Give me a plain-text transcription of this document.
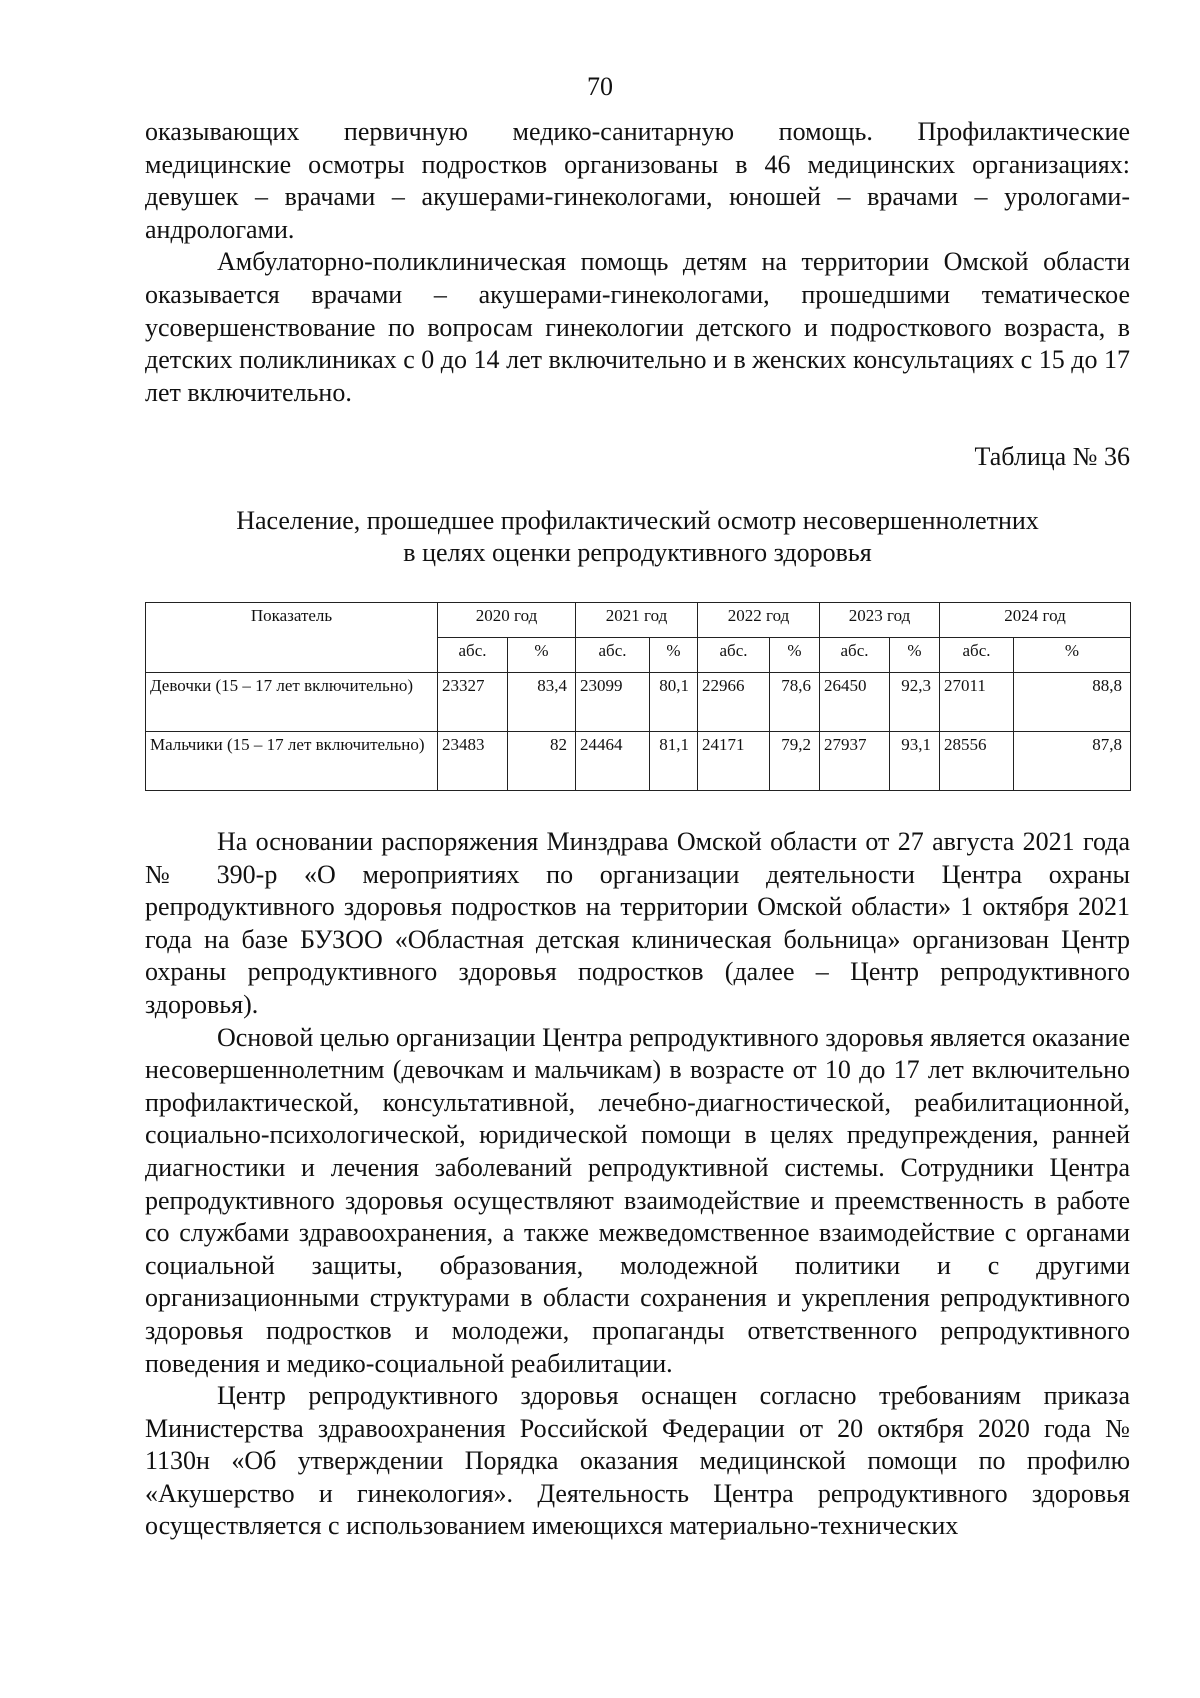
70

оказывающих первичную медико-санитарную помощь. Профилактические медицинские осмотры подростков организованы в 46 медицинских организациях: девушек – врачами – акушерами-гинекологами, юношей – врачами – урологами-андрологами.

Амбулаторно-поликлиническая помощь детям на территории Омской области оказывается врачами – акушерами-гинекологами, прошедшими тематическое усовершенствование по вопросам гинекологии детского и подросткового возраста, в детских поликлиниках с 0 до 14 лет включительно и в женских консультациях с 15 до 17 лет включительно.

Таблица № 36
Население, прошедшее профилактический осмотр несовершеннолетних
в целях оценки репродуктивного здоровья
Показатель	2020 год		2021 год		2022 год		2023 год		2024 год	
	абс.	%	абс.	%	абс.	%	абс.	%	абс.	%
Девочки (15 – 17 лет включительно)	23327	83,4	23099	80,1	22966	78,6	26450	92,3	27011	88,8
Мальчики (15 – 17 лет включительно)	23483	82	24464	81,1	24171	79,2	27937	93,1	28556	87,8

На основании распоряжения Минздрава Омской области от 27 августа 2021 года № 390-р «О мероприятиях по организации деятельности Центра охраны репродуктивного здоровья подростков на территории Омской области» 1 октября 2021 года на базе БУЗОО «Областная детская клиническая больница» организован Центр охраны репродуктивного здоровья подростков (далее – Центр репродуктивного здоровья).

Основой целью организации Центра репродуктивного здоровья является оказание несовершеннолетним (девочкам и мальчикам) в возрасте от 10 до 17 лет включительно профилактической, консультативной, лечебно-диагностической, реабилитационной, социально-психологической, юридической помощи в целях предупреждения, ранней диагностики и лечения заболеваний репродуктивной системы. Сотрудники Центра репродуктивного здоровья осуществляют взаимодействие и преемственность в работе со службами здравоохранения, а также межведомственное взаимодействие с органами социальной защиты, образования, молодежной политики и с другими организационными структурами в области сохранения и укрепления репродуктивного здоровья подростков и молодежи, пропаганды ответственного репродуктивного поведения и медико-социальной реабилитации.

Центр репродуктивного здоровья оснащен согласно требованиям приказа Министерства здравоохранения Российской Федерации от 20 октября 2020 года № 1130н «Об утверждении Порядка оказания медицинской помощи по профилю «Акушерство и гинекология». Деятельность Центра репродуктивного здоровья осуществляется с использованием имеющихся материально-технических
